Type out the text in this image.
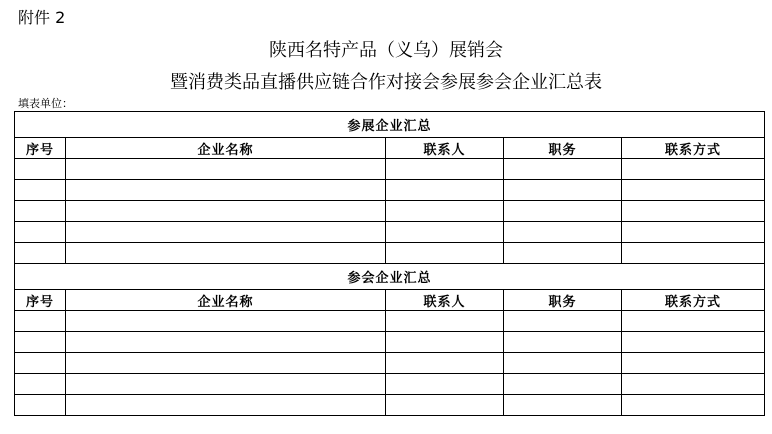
附件 2
陕西名特产品（义乌）展销会
暨消费类品直播供应链合作对接会参展参会企业汇总表
填表单位：
参展企业汇总				
序号	企业名称	联系人	职务	联系方式

参会企业汇总				
序号	企业名称	联系人	职务	联系方式
